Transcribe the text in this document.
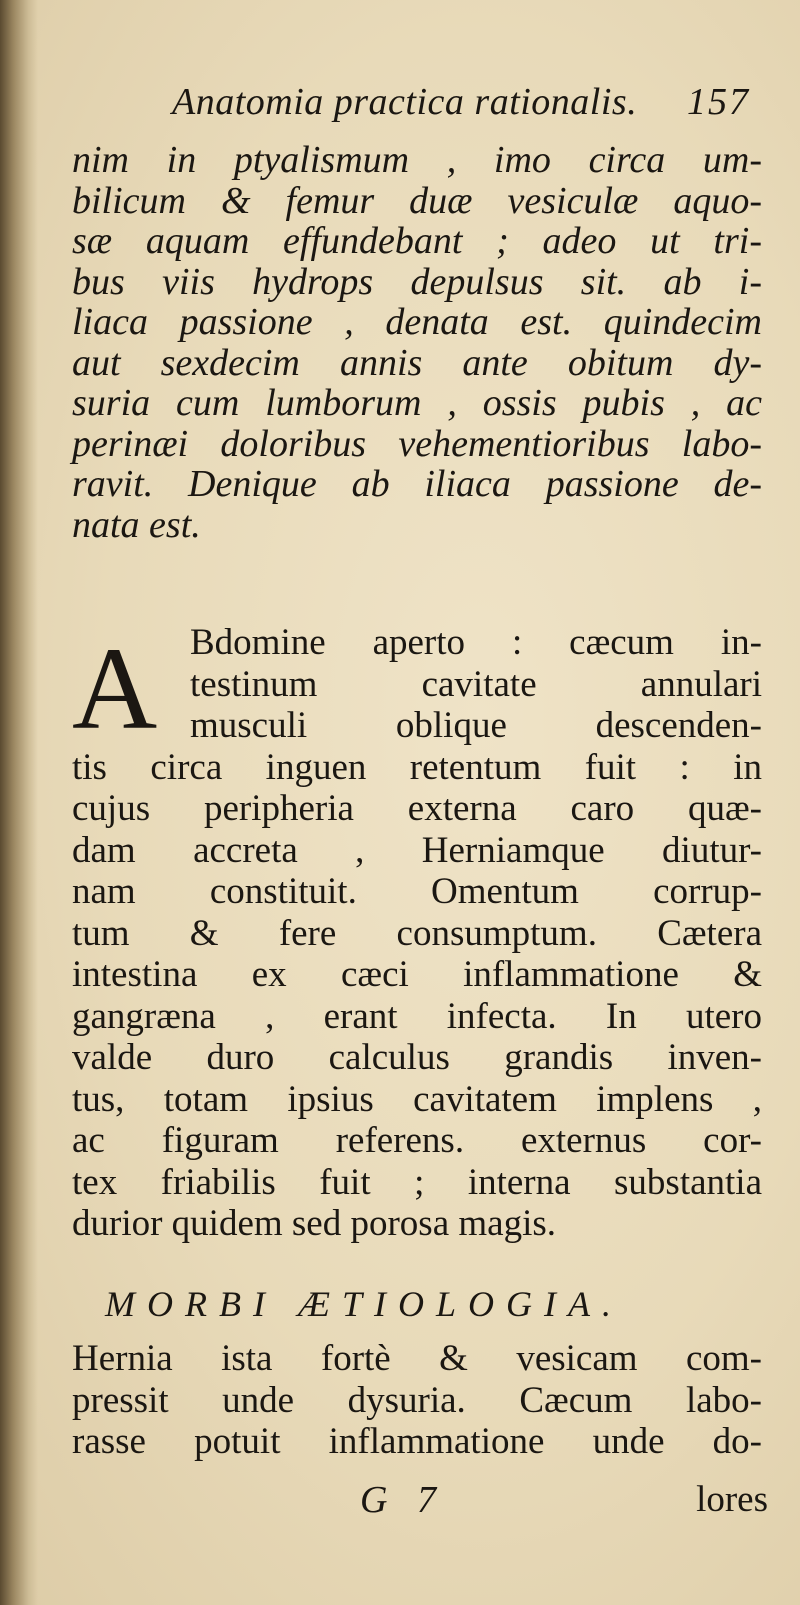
Anatomia practica rationalis. 157
nim in ptyalismum , imo circa um-
bilicum & femur duæ vesiculæ aquo-
sæ aquam effundebant ; adeo ut tri-
bus viis hydrops depulsus sit. ab i-
liaca passione , denata est. quindecim
aut sexdecim annis ante obitum dy-
suria cum lumborum , ossis pubis , ac
perinæi doloribus vehementioribus labo-
ravit. Denique ab iliaca passione de-
nata est.
A Bdomine aperto : cæcum in-
testinum cavitate annulari
musculi oblique descenden-
tis circa inguen retentum fuit : in
cujus peripheria externa caro quæ-
dam accreta , Herniamque diutur-
nam constituit. Omentum corrup-
tum & fere consumptum. Cætera
intestina ex cæci inflammatione &
gangræna , erant infecta. In utero
valde duro calculus grandis inven-
tus, totam ipsius cavitatem implens ,
ac figuram referens. externus cor-
tex friabilis fuit ; interna substantia
durior quidem sed porosa magis.
MORBI ÆTIOLOGIA.
Hernia ista fortè & vesicam com-
pressit unde dysuria. Cæcum labo-
rasse potuit inflammatione unde do-
G 7	lores
